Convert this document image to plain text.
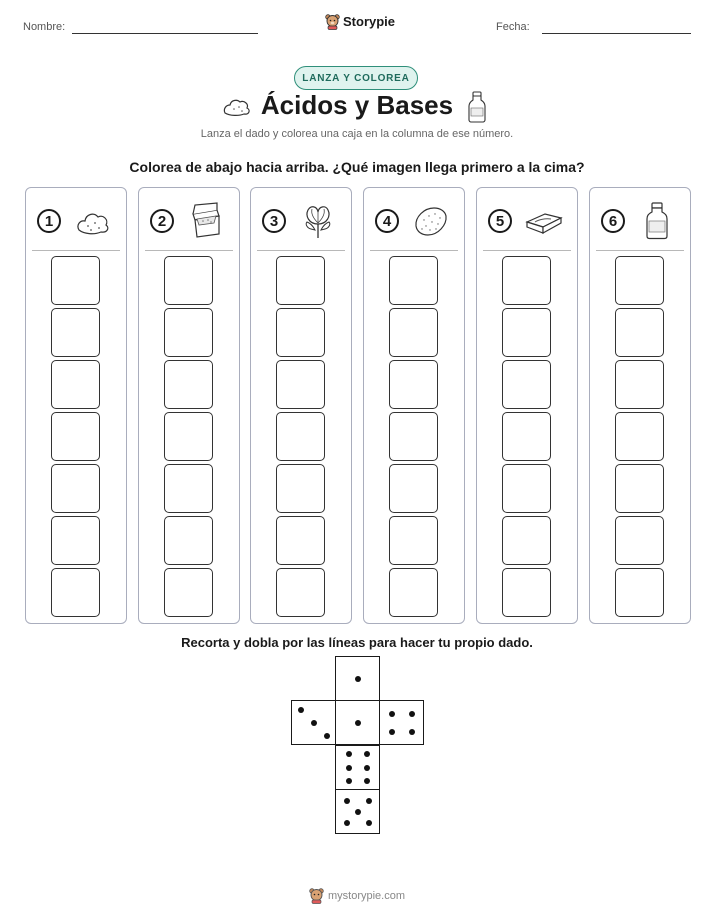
Nombre:	Storypie	Fecha:
LANZA Y COLOREA
Ácidos y Bases
Lanza el dado y colorea una caja en la columna de ese número.
Colorea de abajo hacia arriba. ¿Qué imagen llega primero a la cima?
1	2	3	4	5	6
Recorta y dobla por las líneas para hacer tu propio dado.
mystorypie.com
